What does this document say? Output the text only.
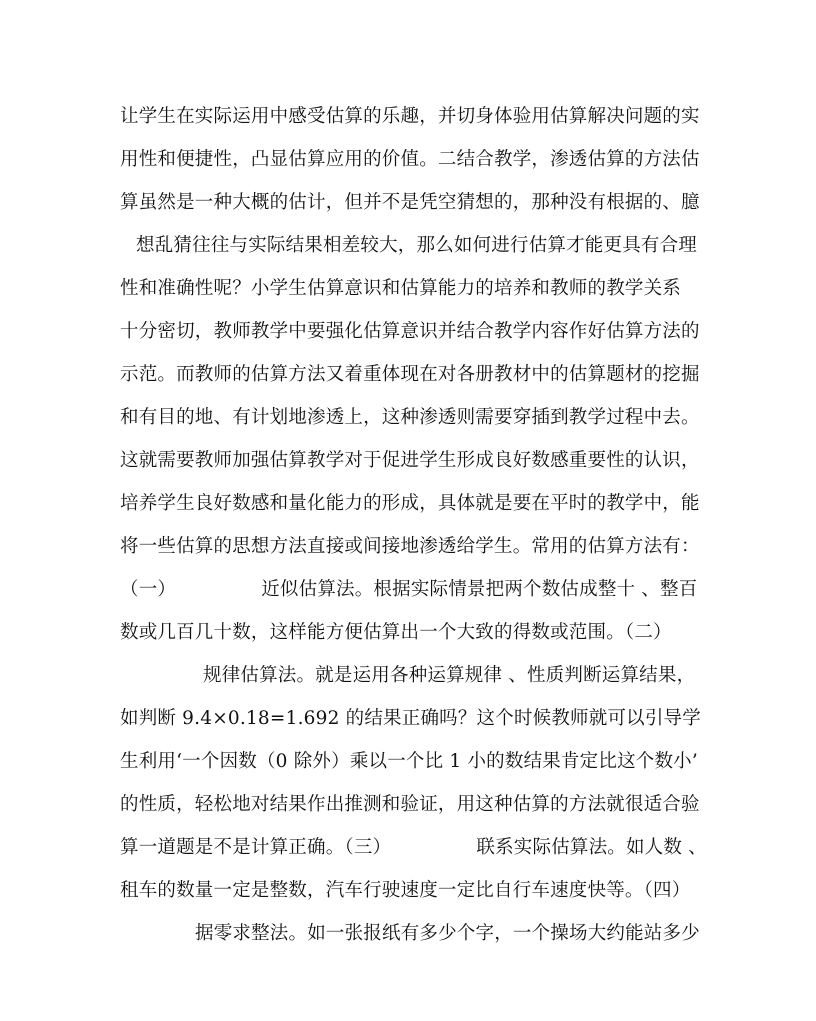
让学生在实际运用中感受估算的乐趣，并切身体验用估算解决问题的实
用性和便捷性，凸显估算应用的价值。二结合教学，渗透估算的方法估
算虽然是一种大概的估计，但并不是凭空猜想的，那种没有根据的、臆
想乱猜往往与实际结果相差较大，那么如何进行估算才能更具有合理
性和准确性呢？小学生估算意识和估算能力的培养和教师的教学关系
十分密切，教师教学中要强化估算意识并结合教学内容作好估算方法的
示范。而教师的估算方法又着重体现在对各册教材中的估算题材的挖掘
和有目的地、有计划地渗透上，这种渗透则需要穿插到教学过程中去。
这就需要教师加强估算教学对于促进学生形成良好数感重要性的认识，
培养学生良好数感和量化能力的形成，具体就是要在平时的教学中，能
将一些估算的思想方法直接或间接地渗透给学生。常用的估算方法有：
（一）              近似估算法。根据实际情景把两个数估成整十 、整百
数或几百几十数，这样能方便估算出一个大致的得数或范围。（二）
规律估算法。就是运用各种运算规律 、性质判断运算结果，
如判断 9.4×0.18=1.692 的结果正确吗？这个时候教师就可以引导学
生利用‘一个因数（0 除外）乘以一个比 1 小的数结果肯定比这个数小’
的性质，轻松地对结果作出推测和验证，用这种估算的方法就很适合验
算一道题是不是计算正确。（三）              联系实际估算法。如人数 、
租车的数量一定是整数，汽车行驶速度一定比自行车速度快等。（四）
据零求整法。如一张报纸有多少个字，一个操场大约能站多少
